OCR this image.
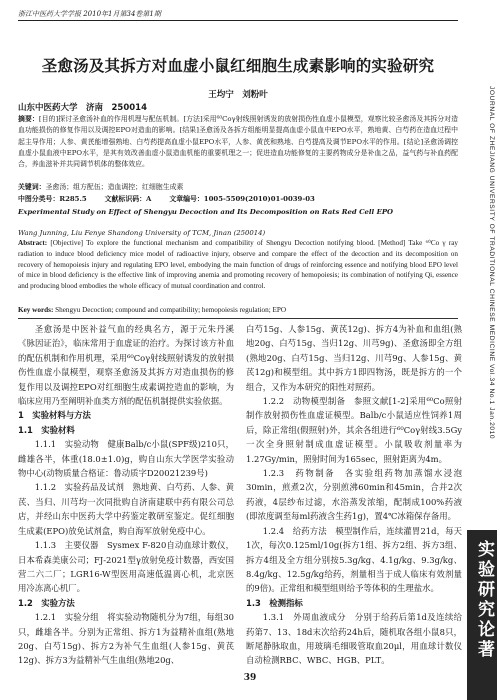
浙江中医药大学学报 2010年1月第34卷第1期
圣愈汤及其拆方对血虚小鼠红细胞生成素影响的实验研究
王均宁　刘粉叶
山东中医药大学　济南　250014
摘要：[目的]探讨圣愈汤补血的作用机理与配伍机制。[方法]采用⁶⁰Coγ射线照射诱发的放射损伤性血虚小鼠模型，观察比较圣愈汤及其拆分对造血功能损伤的修复作用以及调控EPO对造血的影响。[结果]圣愈汤及各拆方组能明显提高血虚小鼠血中EPO水平，熟地黄、白芍药在造血过程中起主导作用；人参、黄芪能增强熟地、白芍药提高血虚小鼠EPO水平，人参、黄芪和熟地、白芍提高及调节EPO水平的作用。[结论]圣愈汤调控血虚小鼠血液中EPO水平，是其有效改善血虚小鼠造血机能的重要机理之一；促进造血功能修复的主要药物成分是补血之品，益气药与补血药配合，养血滋补并共同调节机体的整体效应。
关键词：圣愈汤；组方配伍；造血调控；红细胞生成素
中图分类号：R285.5	文献标识码：A	文章编号：1005-5509(2010)01-0039-03
Experimental Study on Effect of Shengyu Decoction and Its Decomposition on Rats Red Cell EPO
Wang Junning, Liu Fenye Shandong University of TCM, Jinan (250014)
Abstract: [Objective] To explore the functional mechanism and compatibility of Shengyu Decoction notifying blood. [Method] Take ⁶⁰Co γ ray radiation to induce blood deficiency mice model of radioactive injury, observe and compare the effect of the decoction and its decomposition on recovery of hemopoiesis injury and regulating EPO level, embodying the main function of drugs of reinforcing essence and notifying blood EPO level of mice in blood deficiency is the effective link of improving anemia and promoting recovery of hemopoiesis; its combination of notifying Qi, essence and producing blood embodies the whole efficacy of mutual coordination and control.
Key words: Shengyu Decoction; compound and compatibility; hemopoiesis regulation; EPO

圣愈汤是中医补益气血的经典名方，源于元朱丹溪《脉因证治》，临床常用于血虚证的治疗。为探讨该方补血的配伍机制和作用机理，采用⁶⁰Coγ射线照射诱发的放射损伤性血虚小鼠模型，观察圣愈汤及其拆方对造血损伤的修复作用以及调控EPO对红细胞生成素调控造血的影响，为临床应用乃至阐明补血类方剂的配伍机制提供实验依据。

1　实验材料与方法

1.1　实验材料

1.1.1　实验动物　健康Balb/c小鼠(SPF级)210只，雌雄各半，体重(18.0±1.0)g，购自山东大学医学实验动物中心(动物质量合格证：鲁动质字D20021239号)

1.1.2　实验药品及试剂　熟地黄、白芍药、人参、黄芪、当归、川芎均一次同批购自济南建联中药有限公司总店，并经山东中医药大学中药鉴定教研室鉴定。促红细胞生成素(EPO)放免试剂盒，购自海军放射免疫中心。

1.1.3　主要仪器　Sysmex F-820自动血球计数仪，日本希森美康公司；FJ-2021型γ放射免疫计数器，西安国营二六二厂；LGR16-W型医用高速低温离心机，北京医用冷冻离心机厂。

1.2　实验方法

1.2.1　实验分组　将实验动物随机分为7组，每组30只，雌雄各半。分别为正常组、拆方1为益精补血组(熟地20g、白芍15g)、拆方2为补气生血组(人参15g、黄芪12g)、拆方3为益精补气生血组(熟地20g、

白芍15g、人参15g、黄芪12g)、拆方4为补血和血组(熟地20g、白芍15g、当归12g、川芎9g)、圣愈汤即全方组(熟地20g、白芍15g、当归12g、川芎9g、人参15g、黄芪12g)和模型组。其中拆方1即四物汤，既是拆方的一个组合，又作为本研究的阳性对照药。

1.2.2　动物模型制备　参照文献[1-2]采用⁶⁰Co照射制作放射损伤性血虚证模型。Balb/c小鼠适应性饲养1周后，除正常组(假照射)外，其余各组进行⁶⁰Coγ射线3.5Gy一次全身照射制成血虚证模型。小鼠吸收剂量率为1.27Gy/min，照射时间为165sec，照射距离为4m。

1.2.3　药物制备　各实验组药物加蒸馏水浸泡30min，煎煮2次，分别煎沸60min和45min，合并2次药液，4层纱布过滤，水浴蒸发浓缩，配制成100%药液(即浓度调至每ml药液含生药1g)，置4℃冰箱保存备用。

1.2.4　给药方法　模型制作后，连续灌胃21d，每天1次，每次0.125ml/10g(拆方1组、拆方2组、拆方3组、拆方4组及全方组分别按5.3g/kg、4.1g/kg、9.3g/kg、8.4g/kg、12.5g/kg给药，剂量相当于成人临床有效剂量的9倍)。正常组和模型组则给予等体积的生理盐水。

1.3　检测指标

1.3.1　外周血液成分　分别于给药后第1d及连续给药第7、13、18d末次给药24h后，随机取各组小鼠8只，断尾静脉取血，用玻璃毛细吸管取血20μl，用血球计数仪自动检测RBC、WBC、HGB、PLT。

39
JOURNAL OF ZHEJIANG UNIVERSITY OF TRADITIONAL CHINESE MEDICINE Vol.34 No.1 Jan.2010
实验研究论著
